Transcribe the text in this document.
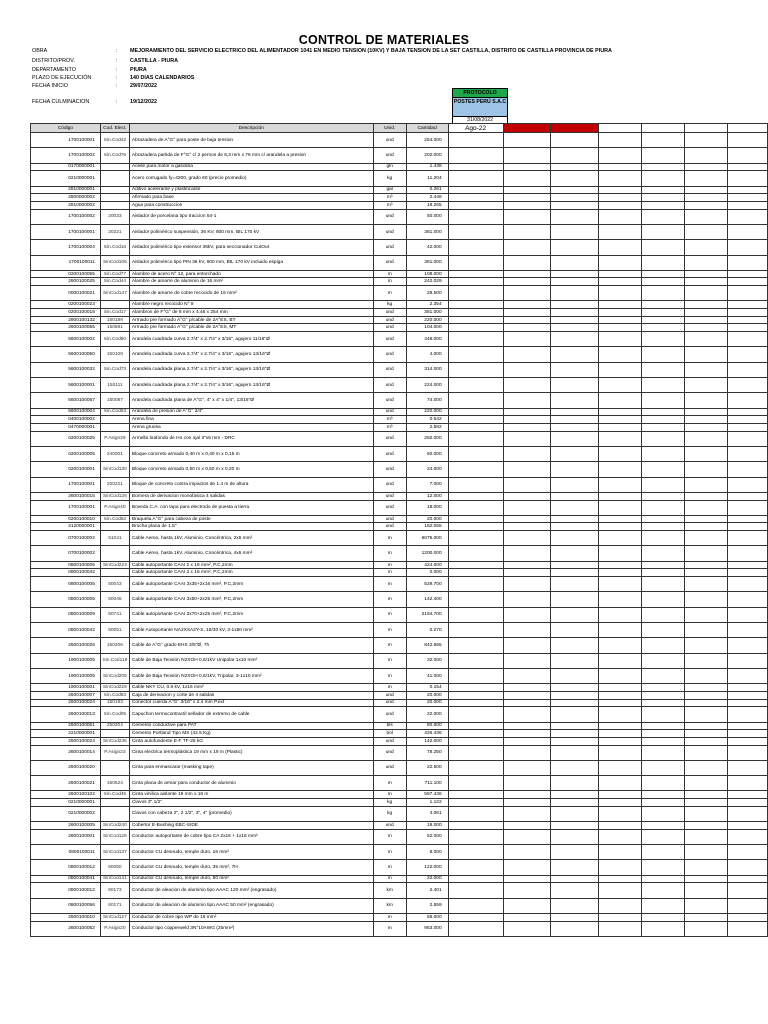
CONTROL DE MATERIALES
OBRA	: MEJORAMIENTO DEL SERVICIO ELECTRICO DEL ALIMENTADOR 1041 EN MEDIO TENSION (10KV) Y BAJA TENSION DE LA SET CASTILLA, DISTRITO DE CASTILLA PROVINCIA DE PIURA
DISTRITO/PROV.	: CASTILLA - PIURA
DEPARTAMENTO	: PIURA
PLAZO DE EJECUCIÓN	: 140 DIAS CALENDARIOS
FECHA INICIO	: 29/07/2022
FECHA CULMINACION	: 19/12/2022
PROTOCOLO
POSTES PERÚ S.A.C
31/08/2022
Código	Cod. Elect.	Descripción	Unid.	Cantidad	Ago-22						
1700100001	Sin.Cod42	Abrazadera de A°G° para poste de baja tension	und	254.000							
1700100002	Sin.Cod76	Abrazadera partida de F°G° c/ 2 pernos de 6,3 mm x 76 mm c/ arandela a presion	und	202.000							
0170000001		Aceite para motor a gasolina	gln	1.438							
0210000001		Acero corrugado fy=4200, grado 60 (precio promedio)	kg	11.204							
2810000001		Aditivo acelerante y plastificante	gal	0.261							
2800000002		Afirmado para base	m³	2.448							
2810000002		Agua para construccion	m³	18.265							
1700100002	20033	Aislador de porcelana tipo traccion 54-1	und	50.000							
1700100001	20221	Aislador polimérico suspensión, 36 KV, 800 mm, BIL 170 kV	und	381.000							
1700100004	Sin.Cod16	Aislador polimérico tipo extensor 36kV, para seccionador CutOut	und	42.000							
1700100011	SinCod105	Aislador polimérico tipo PIN 36 kV, 600 mm, BIL 170 kV incluido espiga	und	381.000							
0200100055	Sin.Cod77	Alambre de acero N° 12, para entorchado	m	108.000							
2600100025	Sin.Cod44	Alambre de amarre de aluminio de 16 mm²	m	242.029							
0000100021	SinCod147	Alambre de amarre de cobre recocido de 16 mm²	m	29.500							
0200100023		Alambre negro recocido N° 8	kg	2.354							
0200100015	Sin.Cod17	Alambron de F°G° de 8 mm x 4.46 x 254 mm	und	381.000							
2600100132	150189	Armado pre formado A°G° p/cable de 2A°ES, BT	und	220.000							
2600100055	150581	Armado pre formado A°G° p/cable de 2A°ES, MT	und	104.000							
5600100002	Sin.Cod50	Arandela cuadrada curva 2.7/4" x 2.7/4" x 3/16", agujero 11/16"Ø	und	448.000							
5600100050	150108	Arandela cuadrada curva 2.7/4" x 2.7/4" x 3/16", agujero 13/16"Ø	und	4.000							
5600100032	Sin.Cod73	Arandela cuadrada plana 2.7/4" x 2.7/4" x 3/16", agujero 13/16"Ø	und	314.000							
5600100001	150111	Arandela cuadrada plana 2.7/4" x 2.7/4" x 3/16", agujero 13/16"Ø	und	224.000							
5600100057	150087	Arandela cuadrada plana de A°G°, 4" x 4" x 1/4", 13/16"Ø	und	74.000							
5600100004	Sin.Cod53	Arandela de presion de A°G° 3/4"	und	220.000							
0400100002		Arena fina	m³	0.542							
0470000001		Arena gruesa	m³	2.582							
0200100025	P.Asign29	Armella tirafondo de Ho con ojal 3"x5 mm - DRC	und	250.000							
0200100005	240001	Bloque concreto armado 0,40 m x 0,40 m x 0,15 m	und	50.000							
0200100001	SinCod130	Bloque concreto armado 0,50 m x 0,50 m x 0,20 m	und	24.000							
1700100001	200221	Bloque de concreto contra impactos de 1.4 m de altura	und	7.000							
2600100015	SinCod126	Bornera de derivacion monofasica 4 salidas	und	12.000							
1700100001	P.Asign40	Boveda C.A. con tapa para electrodo de puesta a tierra	und	18.000							
0200100010	Sin.Cod52	Braqueta A°G° para cabeza de poste	und	20.000							
2120000001		Brocha plana de 1.5"	und	182.055							
0700100002	51041	Cable Aereo, hasta 1kV, Aluminio, Concéntrica, 2x6 mm²	m	6075.000							
0700100002		Cable Aereo, hasta 1kV, Aluminio, Concéntrica, 4x6 mm²	m	1200.000							
0800100005	SinCod223	Cable autoportante CAAI 2 x 16 mm², P.C,2mm	m	424.000							
0800100042		Cable autoportante CAAI 3 x 16 mm², P.C,2mm	m	0.000							
0800100005	50043	Cable autoportante CAAI 3x35+2x16 mm², P.C,2mm	m	529.700							
0800100005	50046	Cable autoportante CAAI 3x50+2x25 mm², P.C,2mm	m	142.400							
0800100009	50741	Cable autoportante CAAI 3x70+2x25 mm², P.C,2mm	m	2194.700							
0800100042	50051	Cable Autoportante NA2XSA2Y-S, 18/30 kV, 3-1x50 mm²	m	0.270							
2600100026	150206	Cable de A°G° grado EHS 3/8"Ø, 7h	m	842.565							
1900100005	Sin.Cod118	Cable de Baja Tensión N2XOH 0,6/1kV Unipolar 1x10 mm²	m	32.000							
1900100005	SinCod205	Cable de Baja Tensión N2XOH 0,6/1kV, Tripolar, 3-1x10 mm²	m	41.000							
1900100001	SinCod229	Cable NKY CU, 0.6 kV, 1x16 mm²	m	0.154							
2600100007	Sin.Cod83	Caja de derivacion y corte de 4 salidas	und	20.000							
2600100024	150193	Conector cuerda A°G° 3/16" x 2.4 mm P.ext	und	20.000							
2600100013	Sin.Cod05	Capuchon termocontractil sellador de extremo de cable	und	22.000							
2600100051	250204	Cemento conductive para PAT	bls	80.000							
2210000001		Cemento Portland Tipo MS (42.5 Kg)	bol	426.436							
2600100024	SinCod235	Cinta autofundente E-F TF-25 kG	und	142.000							
2600100014	P.Asign23	Cinta electrica termoplástica 19 mm x 19 m (Plastic)	und	78.250							
2600100020		Cinta para enmascarar (masking tape)	und	22.500							
2600100021	150624	Cinta plana de armar para conductor de aluminio	m	711.100							
2600100102	Sin.Cod45	Cinta vinilica aislante 19 mm x 18 m	m	597.436							
0210000001		Clavos 3" 1/2"	kg	1.122							
0210000002		Clavos con cabeza 2", 2 1/2", 3", 4" (promedio)	kg	4.061							
2600100005	SinCod240	Cobertor E-Bushing EBC-SIDE	und	18.000							
2600100001	SinCod126	Conductor autoportante de cobre tipo CA 2x16 + 1x16 mm²	m	52.000							
0800100011	SinCod137	Conductor CU desnudo, temple duro, 16 mm²	m	8.000							
0800100012	60050	Conductor CU desnudo, temple duro, 35 mm², 7H	m	122.000							
0800100041	SinCod141	Conductor CU desnudo, temple duro, 50 mm²	m	22.000							
0800100012	60173	Conductor de aleacion de aluminio tipo AAAC 120 mm² (engrasado)	km	2.401							
0800100056	60171	Conductor de aleacion de aluminio tipo AAAC 50 mm² (engrasado)	km	2.559							
2600100010	SinCod127	Conductor de cobre tipo WP de 16 mm²	m	56.000							
2600100052	P.Asign20	Conductor tipo copperweld 3N°10AWG (25mm²)	m	953.000							
